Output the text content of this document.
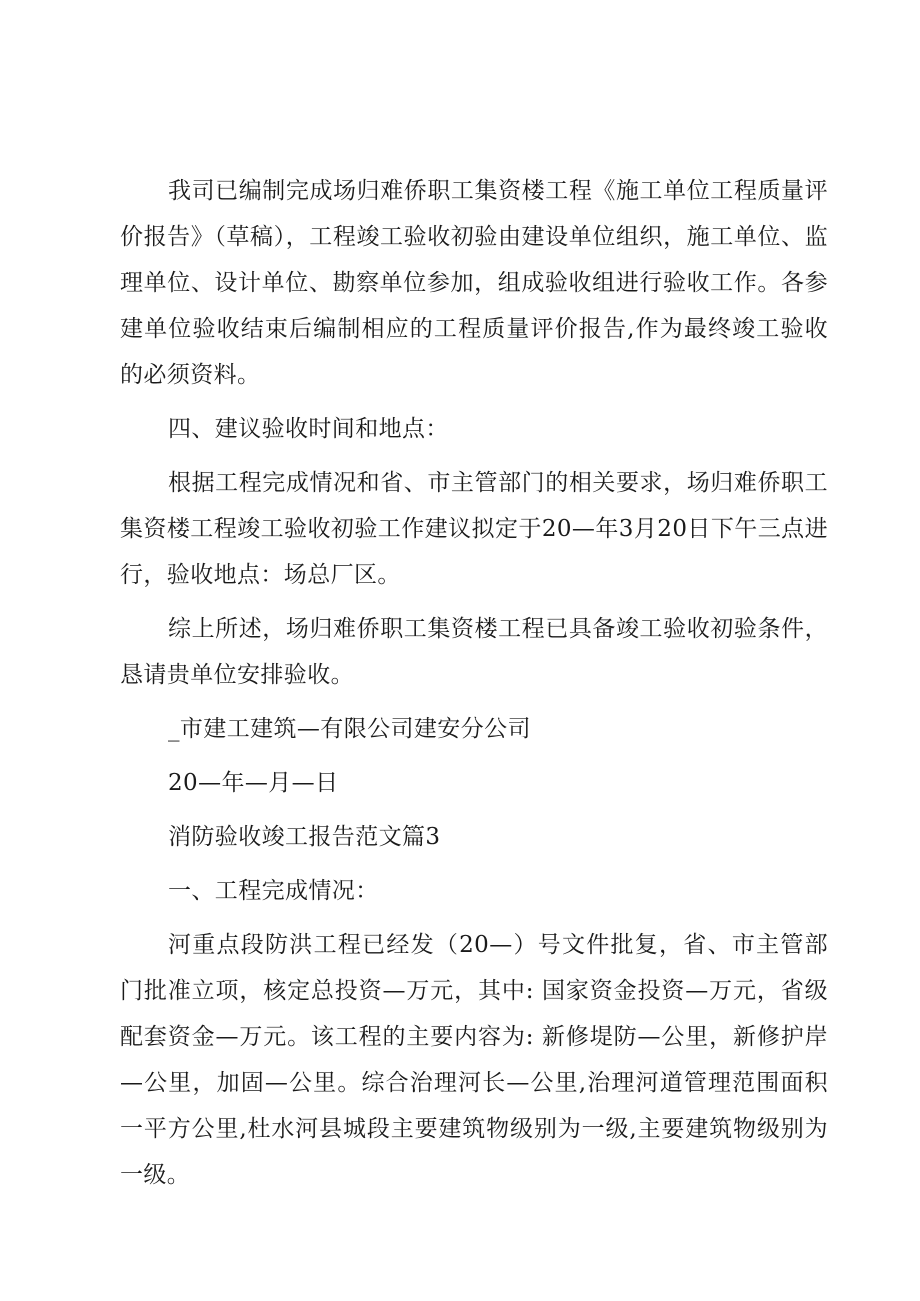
我司已编制完成场归难侨职工集资楼工程《施工单位工程质量评价报告》（草稿），工程竣工验收初验由建设单位组织，施工单位、监理单位、设计单位、勘察单位参加，组成验收组进行验收工作。各参建单位验收结束后编制相应的工程质量评价报告,作为最终竣工验收的必须资料。

四、建议验收时间和地点：

根据工程完成情况和省、市主管部门的相关要求，场归难侨职工集资楼工程竣工验收初验工作建议拟定于20—年3月20日下午三点进行，验收地点：场总厂区。

综上所述，场归难侨职工集资楼工程已具备竣工验收初验条件，恳请贵单位安排验收。

_市建工建筑—有限公司建安分公司

20—年—月—日

消防验收竣工报告范文篇3

一、工程完成情况：

河重点段防洪工程已经发（20—）号文件批复，省、市主管部门批准立项，核定总投资—万元，其中: 国家资金投资—万元，省级配套资金—万元。该工程的主要内容为: 新修堤防—公里，新修护岸—公里，加固—公里。综合治理河长—公里,治理河道管理范围面积一平方公里,杜水河县城段主要建筑物级别为一级,主要建筑物级别为一级。
